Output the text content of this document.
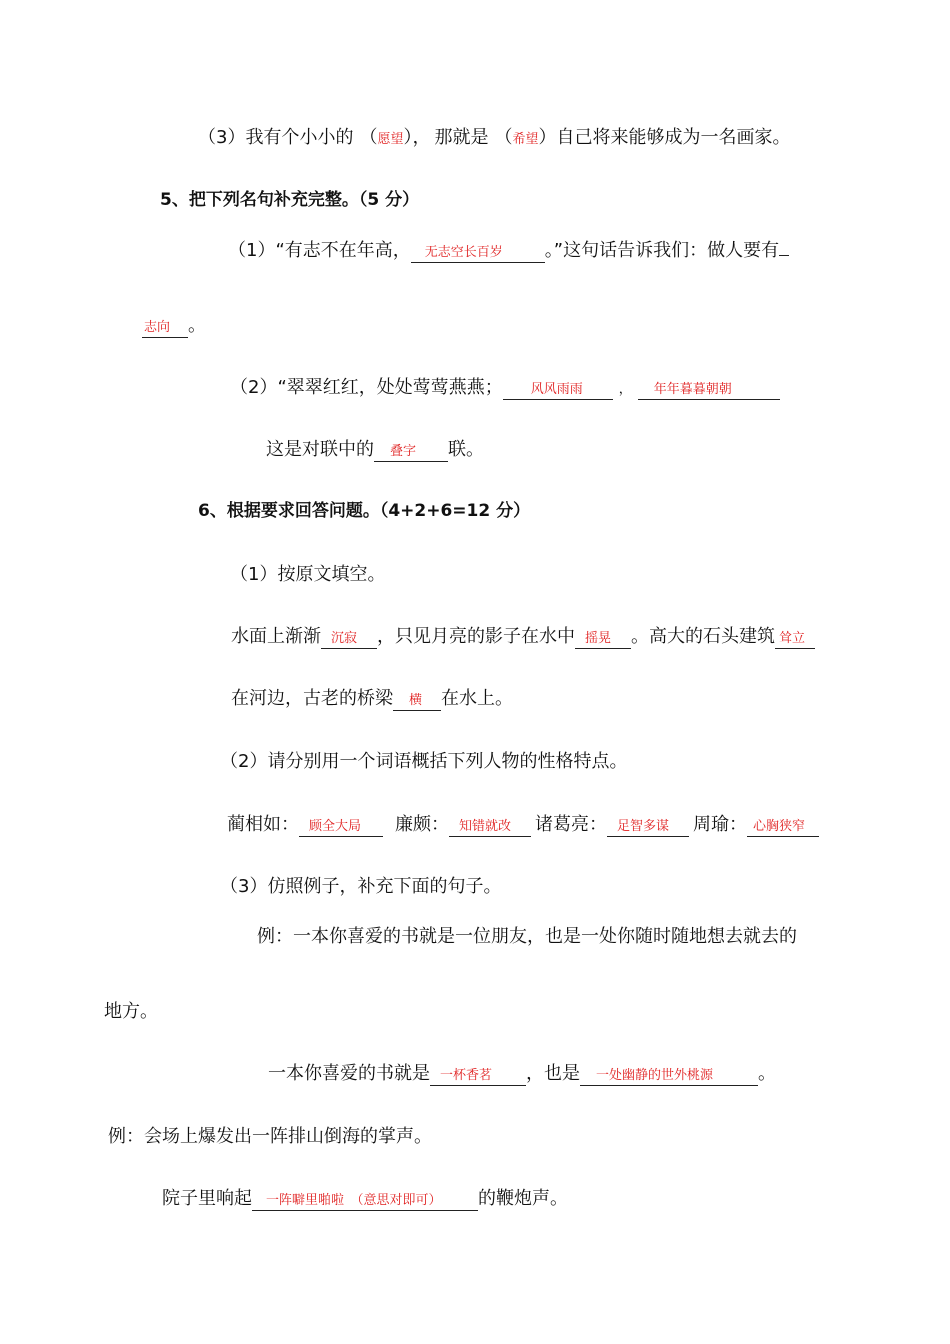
（3）我有个小小的 （愿望）， 那就是 （希望）自己将来能够成为一名画家。
5、把下列名句补充完整。（5 分）
（1）“有志不在年高， 无志空长百岁 。”这句话告诉我们：做人要有
志向 。
（2）“翠翠红红，处处莺莺燕燕； 风风雨雨	， 年年暮暮朝朝
这是对联中的 叠字 联。
6、根据要求回答问题。（4+2+6=12 分）
（1）按原文填空。
水面上渐渐 沉寂 ，只见月亮的影子在水中 摇晃 。高大的石头建筑 耸立
在河边，古老的桥梁 横 在水上。
（2）请分别用一个词语概括下列人物的性格特点。
蔺相如： 顾全大局 廉颇： 知错就改 诸葛亮： 足智多谋 周瑜： 心胸狭窄
（3）仿照例子，补充下面的句子。
例：一本你喜爱的书就是一位朋友，也是一处你随时随地想去就去的
地方。
一本你喜爱的书就是 一杯香茗 ，也是 一处幽静的世外桃源 。
例：会场上爆发出一阵排山倒海的掌声。
院子里响起 一阵噼里啪啦　（意思对即可） 的鞭炮声。
